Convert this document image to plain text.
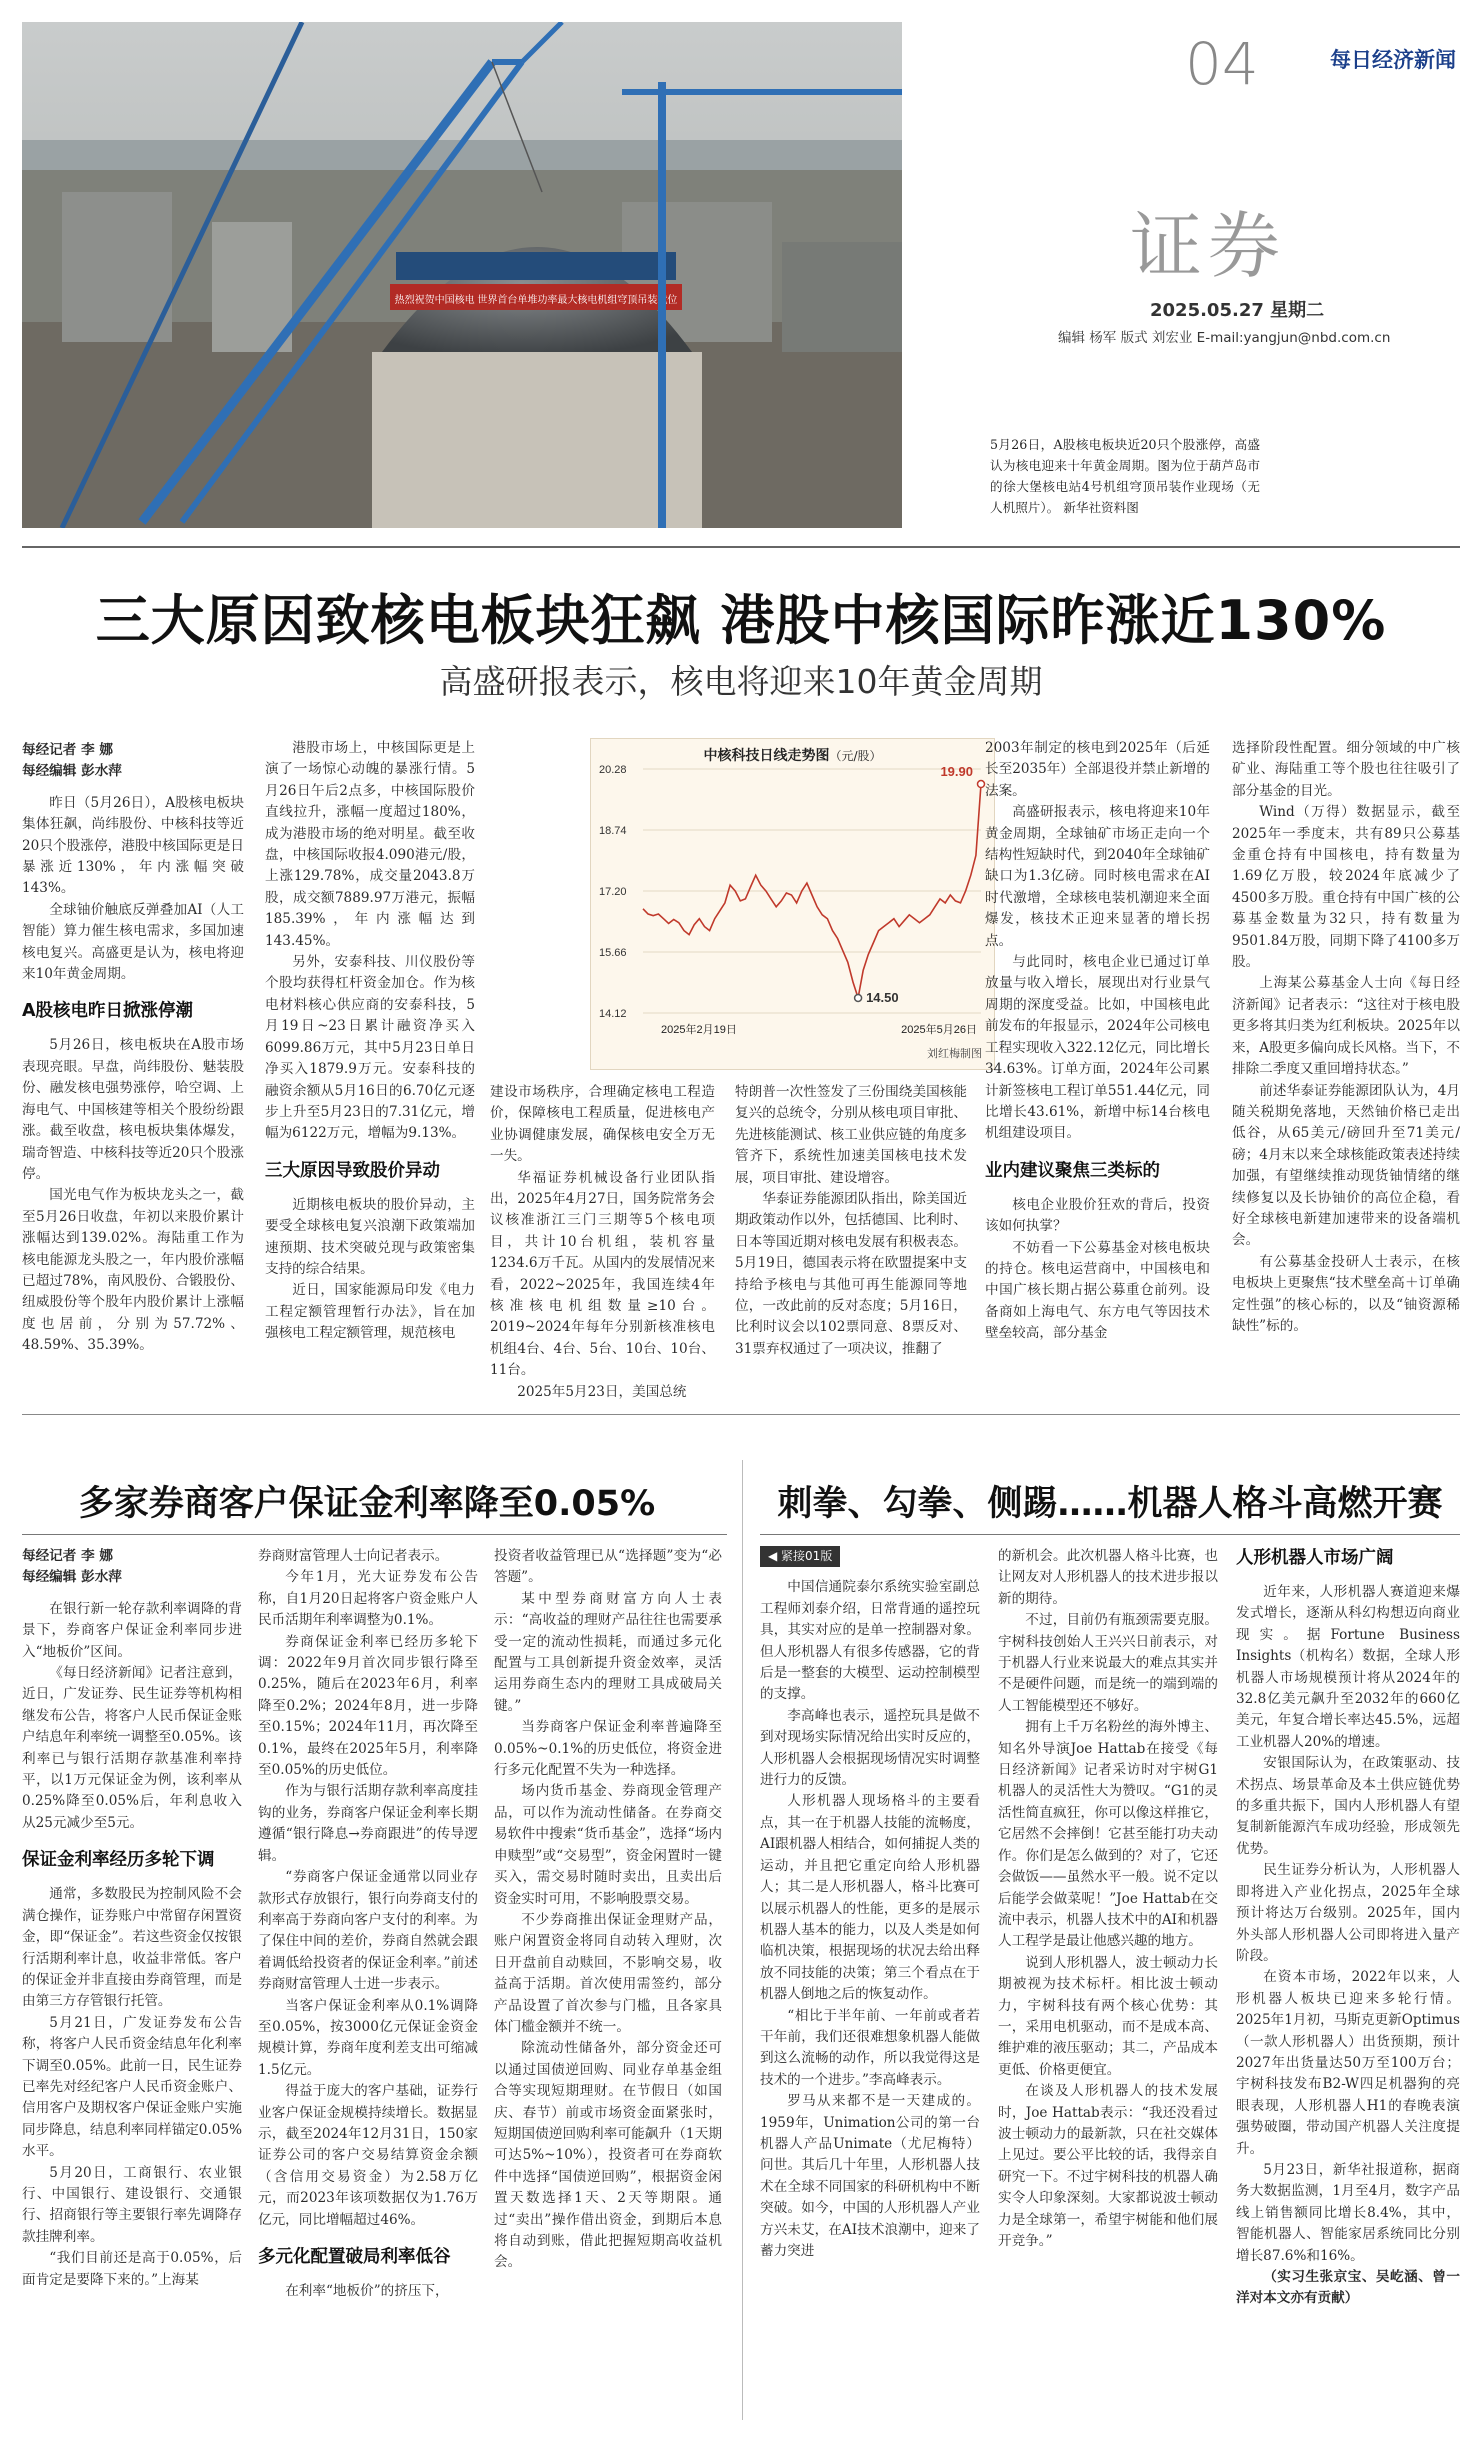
热烈祝贺中国核电 世界首台单堆功率最大核电机组穹顶吊装就位
04	每日经济新闻
证券
2025.05.27 星期二
编辑 杨军 版式 刘宏业 E-mail:yangjun@nbd.com.cn
5月26日，A股核电板块近20只个股涨停，高盛认为核电迎来十年黄金周期。图为位于葫芦岛市的徐大堡核电站4号机组穹顶吊装作业现场（无人机照片）。 新华社资料图
三大原因致核电板块狂飙 港股中核国际昨涨近130%
高盛研报表示，核电将迎来10年黄金周期
每经记者 李 娜
每经编辑 彭水萍

昨日（5月26日），A股核电板块集体狂飙，尚纬股份、中核科技等近20只个股涨停，港股中核国际更是日暴涨近130%，年内涨幅突破143%。

全球铀价触底反弹叠加AI（人工智能）算力催生核电需求，多国加速核电复兴。高盛更是认为，核电将迎来10年黄金周期。

A股核电昨日掀涨停潮

5月26日，核电板块在A股市场表现亮眼。早盘，尚纬股份、魅装股份、融发核电强势涨停，哈空调、上海电气、中国核建等相关个股纷纷跟涨。截至收盘，核电板块集体爆发，瑞奇智造、中核科技等近20只个股涨停。

国光电气作为板块龙头之一，截至5月26日收盘，年初以来股价累计涨幅达到139.02%。海陆重工作为核电能源龙头股之一，年内股价涨幅已超过78%，南风股份、合锻股份、纽威股份等个股年内股价累计上涨幅度也居前，分别为57.72%、48.59%、35.39%。

港股市场上，中核国际更是上演了一场惊心动魄的暴涨行情。5月26日午后2点多，中核国际股价直线拉升，涨幅一度超过180%，成为港股市场的绝对明星。截至收盘，中核国际收报4.090港元/股，上涨129.78%，成交量2043.8万股，成交额7889.97万港元，振幅185.39%，年内涨幅达到143.45%。

另外，安泰科技、川仪股份等个股均获得杠杆资金加仓。作为核电材料核心供应商的安泰科技，5月19日~23日累计融资净买入6099.86万元，其中5月23日单日净买入1879.9万元。安泰科技的融资余额从5月16日的6.70亿元逐步上升至5月23日的7.31亿元，增幅为6122万元，增幅为9.13%。

三大原因导致股价异动

近期核电板块的股价异动，主要受全球核电复兴浪潮下政策端加速预期、技术突破兑现与政策密集支持的综合结果。

近日，国家能源局印发《电力工程定额管理暂行办法》，旨在加强核电工程定额管理，规范核电

中核科技日线走势图（元/股）
20.28
18.74
17.20
15.66
14.12
19.90
14.50
2025年2月19日	2025年5月26日
刘红梅制图

建设市场秩序，合理确定核电工程造价，保障核电工程质量，促进核电产业协调健康发展，确保核电安全万无一失。

华福证券机械设备行业团队指出，2025年4月27日，国务院常务会议核准浙江三门三期等5个核电项目，共计10台机组，装机容量1234.6万千瓦。从国内的发展情况来看，2022~2025年，我国连续4年核准核电机组数量≥10台。2019~2024年每年分别新核准核电机组4台、4台、5台、10台、10台、11台。

2025年5月23日，美国总统

特朗普一次性签发了三份围绕美国核能复兴的总统令，分别从核电项目审批、先进核能测试、核工业供应链的角度多管齐下，系统性加速美国核电技术发展，项目审批、建设增容。

华泰证券能源团队指出，除美国近期政策动作以外，包括德国、比利时、日本等国近期对核电发展有积极表态。5月19日，德国表示将在欧盟提案中支持给予核电与其他可再生能源同等地位，一改此前的反对态度；5月16日，比利时议会以102票同意、8票反对、31票弃权通过了一项决议，推翻了

2003年制定的核电到2025年（后延长至2035年）全部退役并禁止新增的法案。

高盛研报表示，核电将迎来10年黄金周期，全球铀矿市场正走向一个结构性短缺时代，到2040年全球铀矿缺口为1.3亿磅。同时核电需求在AI时代激增，全球核电装机潮迎来全面爆发，核技术正迎来显著的增长拐点。

与此同时，核电企业已通过订单放量与收入增长，展现出对行业景气周期的深度受益。比如，中国核电此前发布的年报显示，2024年公司核电工程实现收入322.12亿元，同比增长34.63%。订单方面，2024年公司累计新签核电工程订单551.44亿元，同比增长43.61%，新增中标14台核电机组建设项目。

业内建议聚焦三类标的

核电企业股价狂欢的背后，投资该如何执掌？

不妨看一下公募基金对核电板块的持仓。核电运营商中，中国核电和中国广核长期占据公募重仓前列。设备商如上海电气、东方电气等因技术壁垒较高，部分基金

选择阶段性配置。细分领域的中广核矿业、海陆重工等个股也往往吸引了部分基金的目光。

Wind（万得）数据显示，截至2025年一季度末，共有89只公募基金重仓持有中国核电，持有数量为1.69亿万股，较2024年底减少了4500多万股。重仓持有中国广核的公募基金数量为32只，持有数量为9501.84万股，同期下降了4100多万股。

上海某公募基金人士向《每日经济新闻》记者表示：“这往对于核电股更多将其归类为红利板块。2025年以来，A股更多偏向成长风格。当下，不排除二季度又重回增持状态。”

前述华泰证券能源团队认为，4月随关税期免落地，天然铀价格已走出低谷，从65美元/磅回升至71美元/磅；4月末以来全球核能政策表述持续加强，有望继续推动现货铀情绪的继续修复以及长协铀价的高位企稳，看好全球核电新建加速带来的设备端机会。

有公募基金投研人士表示，在核电板块上更聚焦“技术壁垒高＋订单确定性强”的核心标的，以及“铀资源稀缺性”标的。

多家券商客户保证金利率降至0.05%	刺拳、勾拳、侧踢……机器人格斗高燃开赛
每经记者 李 娜
每经编辑 彭水萍

在银行新一轮存款利率调降的背景下，券商客户保证金利率同步进入“地板价”区间。

《每日经济新闻》记者注意到，近日，广发证券、民生证券等机构相继发布公告，将客户人民币保证金账户结息年利率统一调整至0.05%。该利率已与银行活期存款基准利率持平，以1万元保证金为例，该利率从0.25%降至0.05%后，年利息收入从25元减少至5元。

保证金利率经历多轮下调

通常，多数股民为控制风险不会满仓操作，证券账户中常留存闲置资金，即“保证金”。若这些资金仅按银行活期利率计息，收益非常低。客户的保证金并非直接由券商管理，而是由第三方存管银行托管。

5月21日，广发证券发布公告称，将客户人民币资金结息年化利率下调至0.05%。此前一日，民生证券已率先对经纪客户人民币资金账户、信用客户及期权客户保证金账户实施同步降息，结息利率同样锚定0.05%水平。

5月20日，工商银行、农业银行、中国银行、建设银行、交通银行、招商银行等主要银行率先调降存款挂牌利率。

“我们目前还是高于0.05%，后面肯定是要降下来的。”上海某

券商财富管理人士向记者表示。

今年1月，光大证券发布公告称，自1月20日起将客户资金账户人民币活期年利率调整为0.1%。

券商保证金利率已经历多轮下调：2022年9月首次同步银行降至0.25%，随后在2023年6月，利率降至0.2%；2024年8月，进一步降至0.15%；2024年11月，再次降至0.1%，最终在2025年5月，利率降至0.05%的历史低位。

作为与银行活期存款利率高度挂钩的业务，券商客户保证金利率长期遵循“银行降息→券商跟进”的传导逻辑。

“券商客户保证金通常以同业存款形式存放银行，银行向券商支付的利率高于券商向客户支付的利率。为了保住中间的差价，券商自然就会跟着调低给投资者的保证金利率。”前述券商财富管理人士进一步表示。

当客户保证金利率从0.1%调降至0.05%，按3000亿元保证金资金规模计算，券商年度利差支出可缩减1.5亿元。

得益于庞大的客户基础，证券行业客户保证金规模持续增长。数据显示，截至2024年12月31日，150家证券公司的客户交易结算资金余额（含信用交易资金）为2.58万亿元，而2023年该项数据仅为1.76万亿元，同比增幅超过46%。

多元化配置破局利率低谷

在利率“地板价”的挤压下，

投资者收益管理已从“选择题”变为“必答题”。

某中型券商财富方向人士表示：“高收益的理财产品往往也需要承受一定的流动性损耗，而通过多元化配置与工具创新提升资金效率，灵活运用券商生态内的理财工具成破局关键。”

当券商客户保证金利率普遍降至0.05%~0.1%的历史低位，将资金进行多元化配置不失为一种选择。

场内货币基金、券商现金管理产品，可以作为流动性储备。在券商交易软件中搜索“货币基金”，选择“场内申赎型”或“交易型”，资金闲置时一键买入，需交易时随时卖出，且卖出后资金实时可用，不影响股票交易。

不少券商推出保证金理财产品，账户闲置资金将同自动转入理财，次日开盘前自动赎回，不影响交易，收益高于活期。首次使用需签约，部分产品设置了首次参与门槛，且各家具体门槛金额并不统一。

除流动性储备外，部分资金还可以通过国债逆回购、同业存单基金组合等实现短期理财。在节假日（如国庆、春节）前或市场资金面紧张时，短期国债逆回购利率可能飙升（1天期可达5%~10%），投资者可在券商软件中选择“国债逆回购”，根据资金闲置天数选择1天、2天等期限。通过“卖出”操作借出资金，到期后本息将自动到账，借此把握短期高收益机会。

◀ 紧接01版

中国信通院泰尔系统实验室副总工程师刘泰介绍，日常背通的遥控玩具，其实对应的是单一控制器对象。但人形机器人有很多传感器，它的背后是一整套的大模型、运动控制模型的支撑。

李高峰也表示，遥控玩具是做不到对现场实际情况给出实时反应的，人形机器人会根据现场情况实时调整进行力的反馈。

人形机器人现场格斗的主要看点，其一在于机器人技能的流畅度，AI跟机器人相结合，如何捕捉人类的运动，并且把它重定向给人形机器人；其二是人形机器人，格斗比赛可以展示机器人的性能，更多的是展示机器人基本的能力，以及人类是如何临机决策，根据现场的状况去给出释放不同技能的决策；第三个看点在于机器人倒地之后的恢复动作。

“相比于半年前、一年前或者若干年前，我们还很难想象机器人能做到这么流畅的动作，所以我觉得这是技术的一个进步。”李高峰表示。

罗马从来都不是一天建成的。1959年，Unimation公司的第一台机器人产品Unimate（尤尼梅特）问世。其后几十年里，人形机器人技术在全球不同国家的科研机构中不断突破。如今，中国的人形机器人产业方兴未艾，在AI技术浪潮中，迎来了蓄力突进

的新机会。此次机器人格斗比赛，也让网友对人形机器人的技术进步报以新的期待。

不过，目前仍有瓶颈需要克服。宇树科技创始人王兴兴日前表示，对于机器人行业来说最大的难点其实并不是硬件问题，而是统一的端到端的人工智能模型还不够好。

拥有上千万名粉丝的海外博主、知名外导演Joe Hattab在接受《每日经济新闻》记者采访时对宇树G1机器人的灵活性大为赞叹。“G1的灵活性简直疯狂，你可以像这样推它，它居然不会摔倒！它甚至能打功夫动作。你们是怎么做到的？对了，它还会做饭——虽然水平一般。说不定以后能学会做菜呢！”Joe Hattab在交流中表示，机器人技术中的AI和机器人工程学是最让他感兴趣的地方。

说到人形机器人，波士顿动力长期被视为技术标杆。相比波士顿动力，宇树科技有两个核心优势：其一，采用电机驱动，而不是成本高、维护难的液压驱动；其二，产品成本更低、价格更便宜。

在谈及人形机器人的技术发展时，Joe Hattab表示：“我还没看过波士顿动力的最新款，只在社交媒体上见过。要公平比较的话，我得亲自研究一下。不过宇树科技的机器人确实令人印象深刻。大家都说波士顿动力是全球第一，希望宇树能和他们展开竞争。”

人形机器人市场广阔

近年来，人形机器人赛道迎来爆发式增长，逐渐从科幻构想迈向商业现实。据Fortune Business Insights（机构名）数据，全球人形机器人市场规模预计将从2024年的32.8亿美元飙升至2032年的660亿美元，年复合增长率达45.5%，远超工业机器人20%的增速。

安银国际认为，在政策驱动、技术拐点、场景革命及本土供应链优势的多重共振下，国内人形机器人有望复制新能源汽车成功经验，形成领先优势。

民生证券分析认为，人形机器人即将进入产业化拐点，2025年全球预计将达万台级别。2025年，国内外头部人形机器人公司即将进入量产阶段。

在资本市场，2022年以来，人形机器人板块已迎来多轮行情。2025年1月初，马斯克更新Optimus（一款人形机器人）出货预期，预计2027年出货量达50万至100万台；宇树科技发布B2-W四足机器狗的亮眼表现，人形机器人H1的春晚表演强势破圈，带动国产机器人关注度提升。

5月23日，新华社报道称，据商务大数据监测，1月至4月，数字产品线上销售额同比增长8.4%，其中，智能机器人、智能家居系统同比分别增长87.6%和16%。

（实习生张京宝、吴屹涵、曾一洋对本文亦有贡献）
